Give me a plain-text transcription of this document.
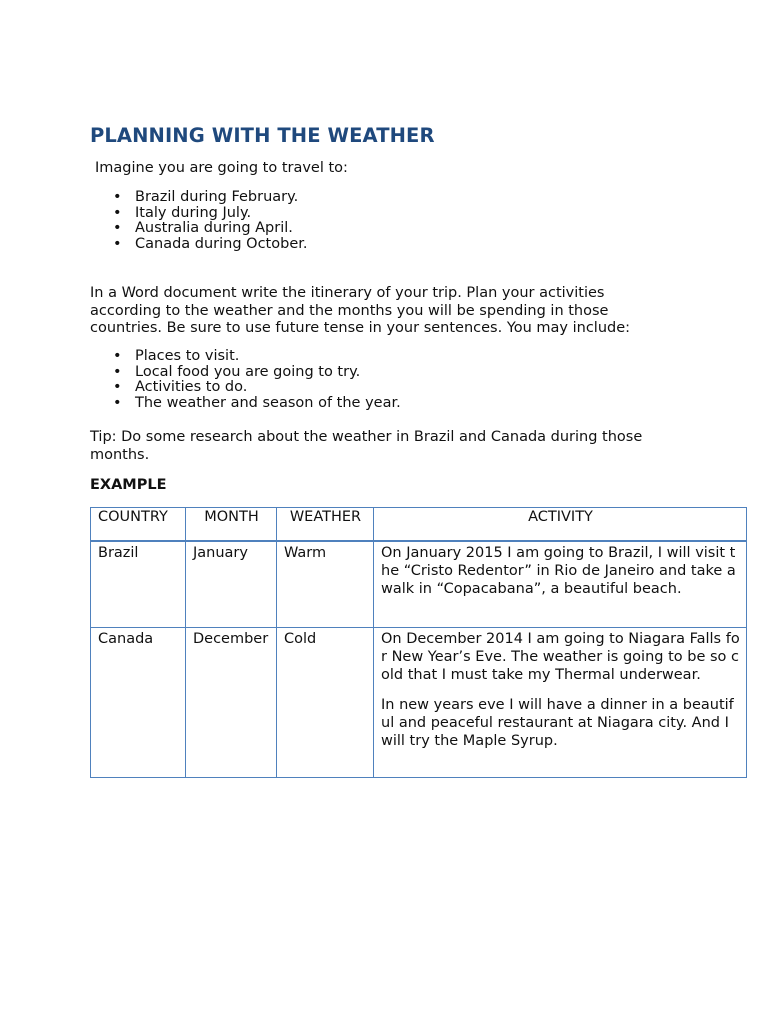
PLANNING WITH THE WEATHER

Imagine you are going to travel to:

• Brazil during February.
• Italy during July.
• Australia during April.
• Canada during October.

In a Word document write the itinerary of your trip. Plan your activities according to the weather and the months you will be spending in those countries. Be sure to use future tense in your sentences. You may include:

• Places to visit.
• Local food you are going to try.
• Activities to do.
• The weather and season of the year.

Tip: Do some research about the weather in Brazil and Canada during those months.

EXAMPLE

COUNTRY	MONTH	WEATHER	ACTIVITY
Brazil	January	Warm	On January 2015 I am going to Brazil, I will visit the “Cristo Redentor” in Rio de Janeiro and take a walk in “Copacabana”, a beautiful beach.

Canada	December	Cold	On December 2014 I am going to Niagara Falls for New Year’s Eve. The weather is going to be so cold that I must take my Thermal underwear.

In new years eve I will have a dinner in a beautiful and peaceful restaurant at Niagara city. And I will try the Maple Syrup.
